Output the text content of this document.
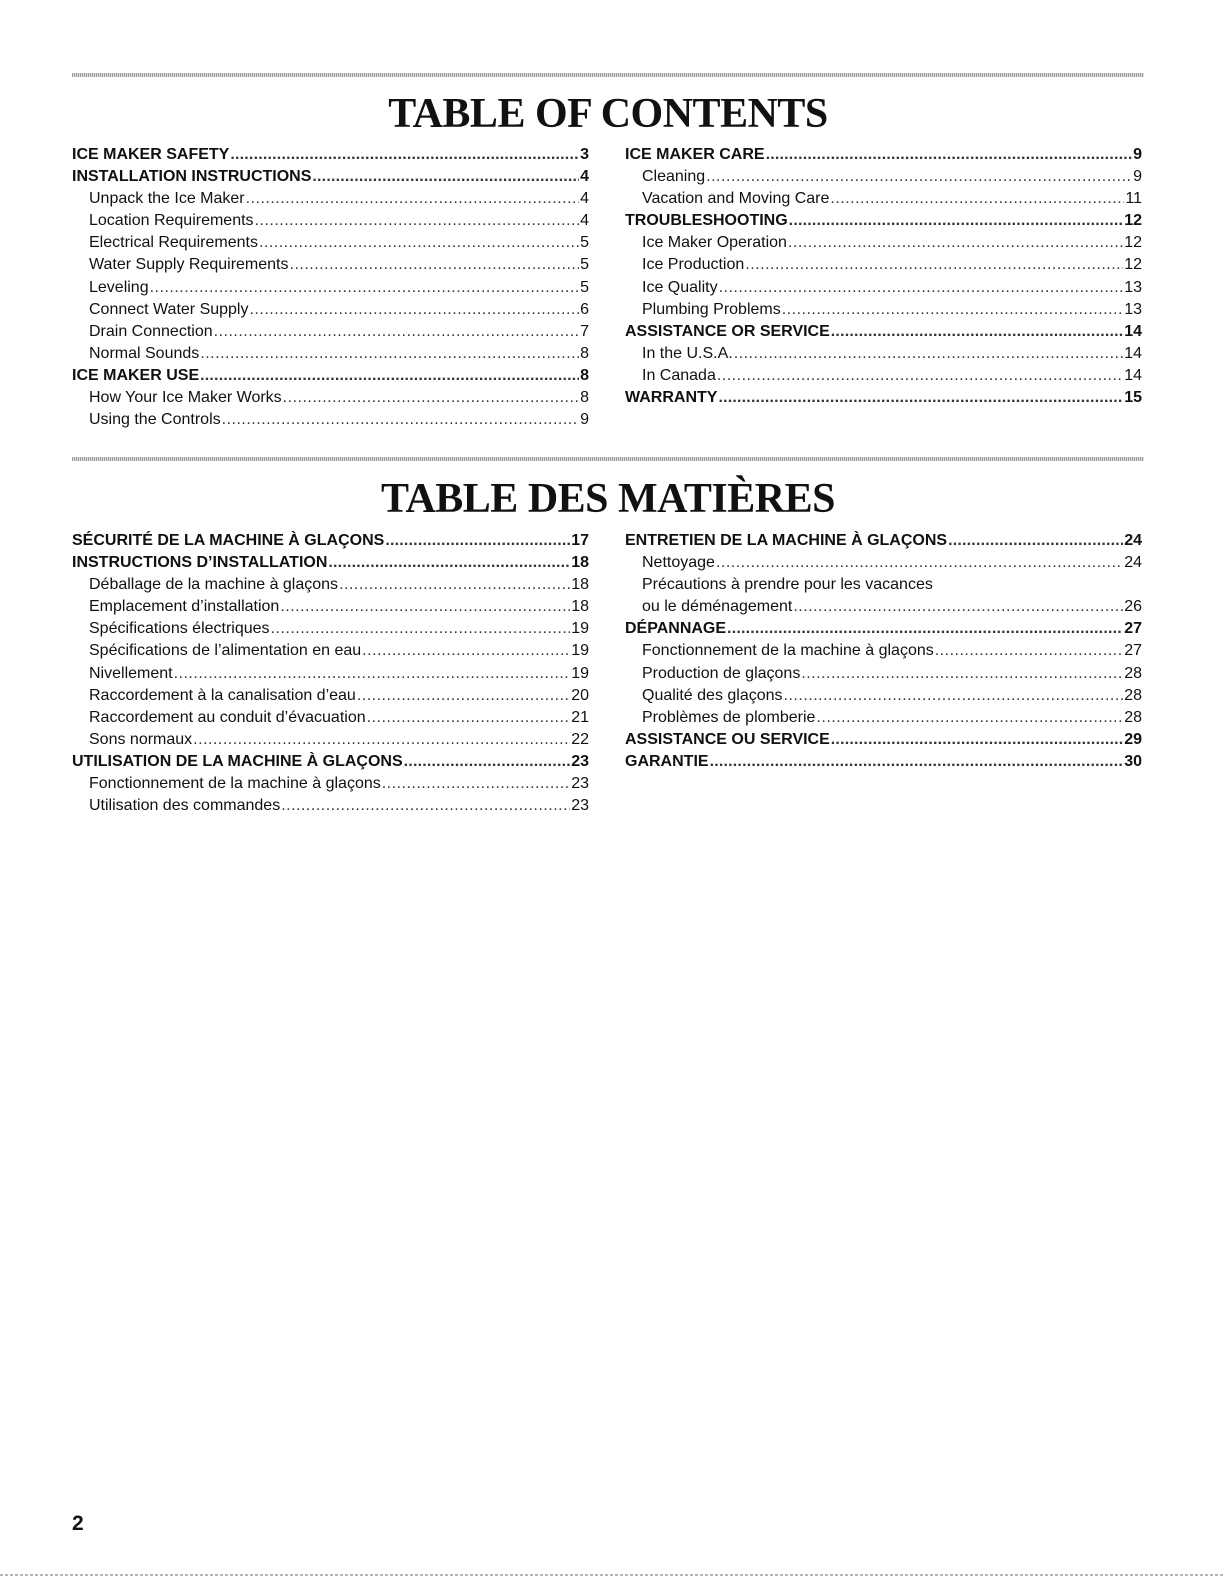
TABLE OF CONTENTS
ICE MAKER SAFETY .....	3
INSTALLATION INSTRUCTIONS .....	4
Unpack the Ice Maker .....	4
Location Requirements .....	4
Electrical Requirements .....	5
Water Supply Requirements .....	5
Leveling .....	5
Connect Water Supply .....	6
Drain Connection .....	7
Normal Sounds .....	8
ICE MAKER USE .....	8
How Your Ice Maker Works .....	8
Using the Controls .....	9
ICE MAKER CARE .....	9
Cleaning .....	9
Vacation and Moving Care .....	11
TROUBLESHOOTING .....	12
Ice Maker Operation .....	12
Ice Production .....	12
Ice Quality .....	13
Plumbing Problems .....	13
ASSISTANCE OR SERVICE .....	14
In the U.S.A. .....	14
In Canada .....	14
WARRANTY .....	15
TABLE DES MATIÈRES
SÉCURITÉ DE LA MACHINE À GLAÇONS .....	17
INSTRUCTIONS D’INSTALLATION .....	18
Déballage de la machine à glaçons .....	18
Emplacement d’installation .....	18
Spécifications électriques .....	19
Spécifications de l’alimentation en eau .....	19
Nivellement .....	19
Raccordement à la canalisation d’eau .....	20
Raccordement au conduit d’évacuation .....	21
Sons normaux .....	22
UTILISATION DE LA MACHINE À GLAÇONS .....	23
Fonctionnement de la machine à glaçons .....	23
Utilisation des commandes .....	23
ENTRETIEN DE LA MACHINE À GLAÇONS .....	24
Nettoyage .....	24
Précautions à prendre pour les vacances
ou le déménagement .....	26
DÉPANNAGE .....	27
Fonctionnement de la machine à glaçons .....	27
Production de glaçons .....	28
Qualité des glaçons .....	28
Problèmes de plomberie .....	28
ASSISTANCE OU SERVICE .....	29
GARANTIE .....	30
2
